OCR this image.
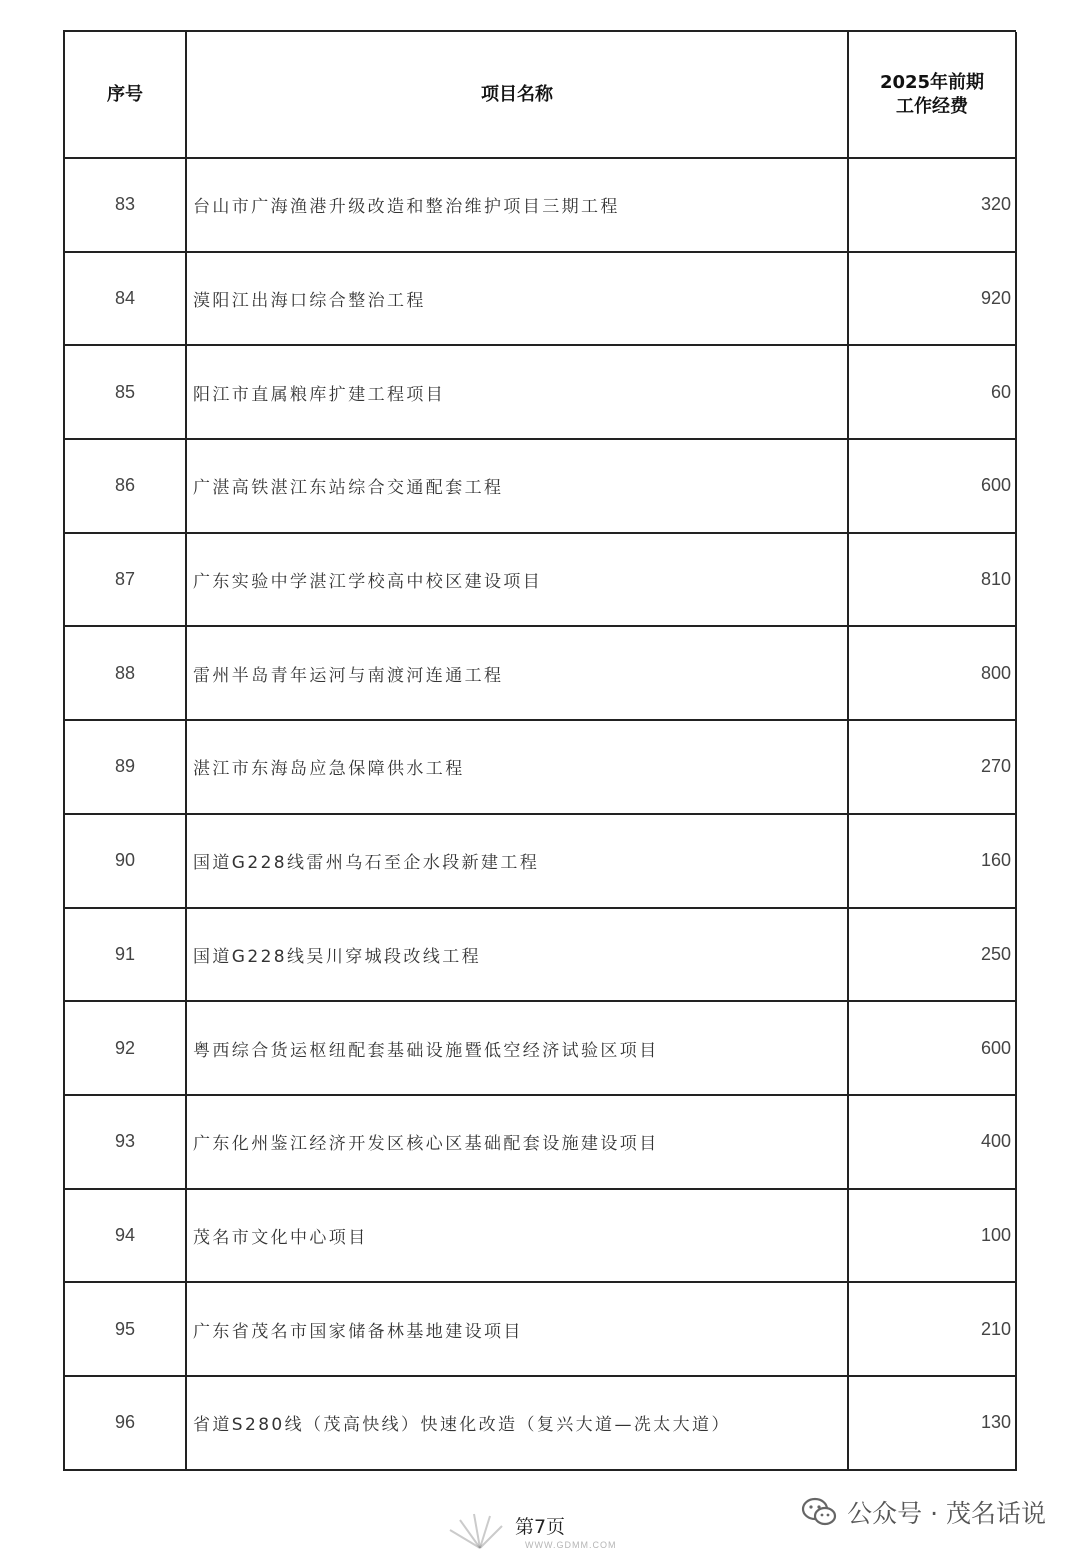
序号	项目名称	2025年前期
工作经费

83	台山市广海渔港升级改造和整治维护项目三期工程	320
84	漠阳江出海口综合整治工程	920
85	阳江市直属粮库扩建工程项目	60
86	广湛高铁湛江东站综合交通配套工程	600
87	广东实验中学湛江学校高中校区建设项目	810
88	雷州半岛青年运河与南渡河连通工程	800
89	湛江市东海岛应急保障供水工程	270
90	国道G228线雷州乌石至企水段新建工程	160
91	国道G228线吴川穿城段改线工程	250
92	粤西综合货运枢纽配套基础设施暨低空经济试验区项目	600
93	广东化州鉴江经济开发区核心区基础配套设施建设项目	400
94	茂名市文化中心项目	100
95	广东省茂名市国家储备林基地建设项目	210
96	省道S280线（茂高快线）快速化改造（复兴大道—冼太大道）	130
第7页
WWW.GDMM.COM
公众号 · 茂名话说
